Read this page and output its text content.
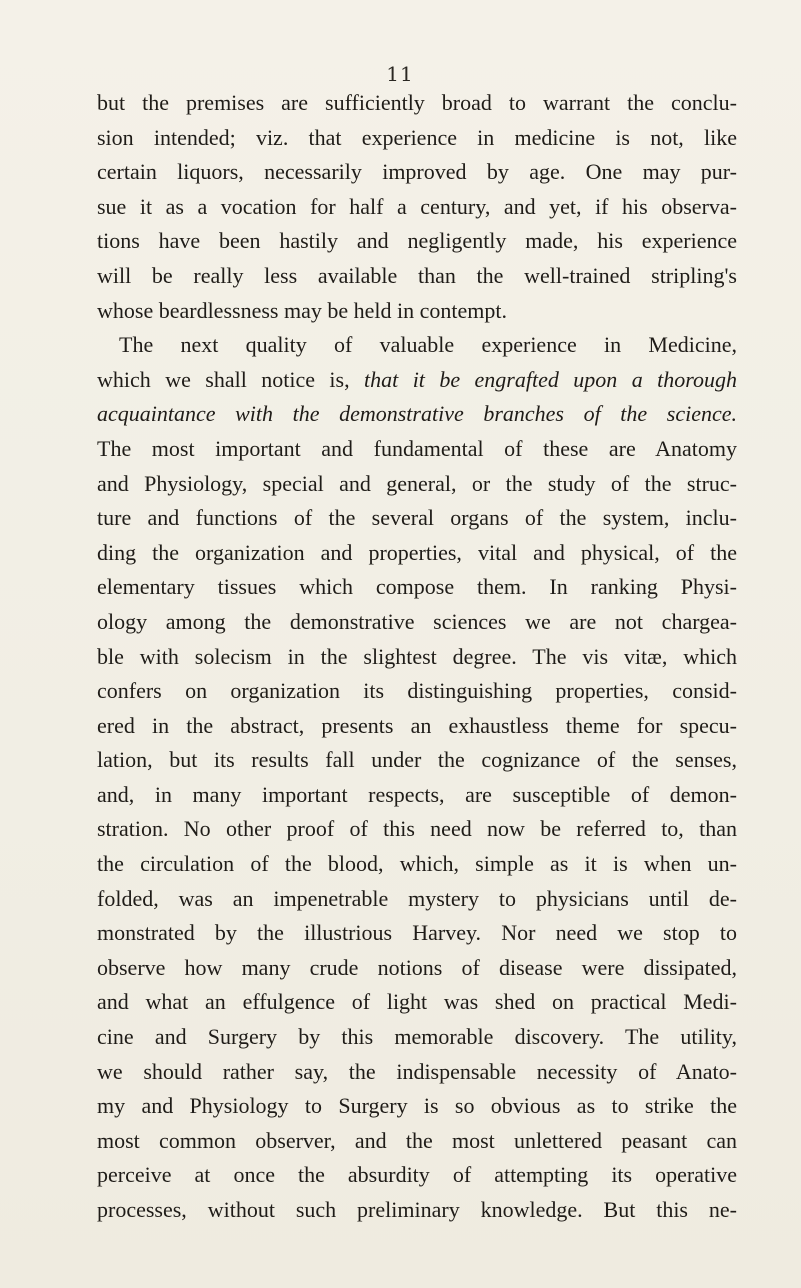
11
but the premises are sufficiently broad to warrant the conclu-
sion intended; viz. that experience in medicine is not, like
certain liquors, necessarily improved by age. One may pur-
sue it as a vocation for half a century, and yet, if his observa-
tions have been hastily and negligently made, his experience
will be really less available than the well-trained stripling's
whose beardlessness may be held in contempt.
The next quality of valuable experience in Medicine,
which we shall notice is, that it be engrafted upon a thorough
acquaintance with the demonstrative branches of the science.
The most important and fundamental of these are Anatomy
and Physiology, special and general, or the study of the struc-
ture and functions of the several organs of the system, inclu-
ding the organization and properties, vital and physical, of the
elementary tissues which compose them. In ranking Physi-
ology among the demonstrative sciences we are not chargea-
ble with solecism in the slightest degree. The vis vitæ, which
confers on organization its distinguishing properties, consid-
ered in the abstract, presents an exhaustless theme for specu-
lation, but its results fall under the cognizance of the senses,
and, in many important respects, are susceptible of demon-
stration. No other proof of this need now be referred to, than
the circulation of the blood, which, simple as it is when un-
folded, was an impenetrable mystery to physicians until de-
monstrated by the illustrious Harvey. Nor need we stop to
observe how many crude notions of disease were dissipated,
and what an effulgence of light was shed on practical Medi-
cine and Surgery by this memorable discovery. The utility,
we should rather say, the indispensable necessity of Anato-
my and Physiology to Surgery is so obvious as to strike the
most common observer, and the most unlettered peasant can
perceive at once the absurdity of attempting its operative
processes, without such preliminary knowledge. But this ne-
